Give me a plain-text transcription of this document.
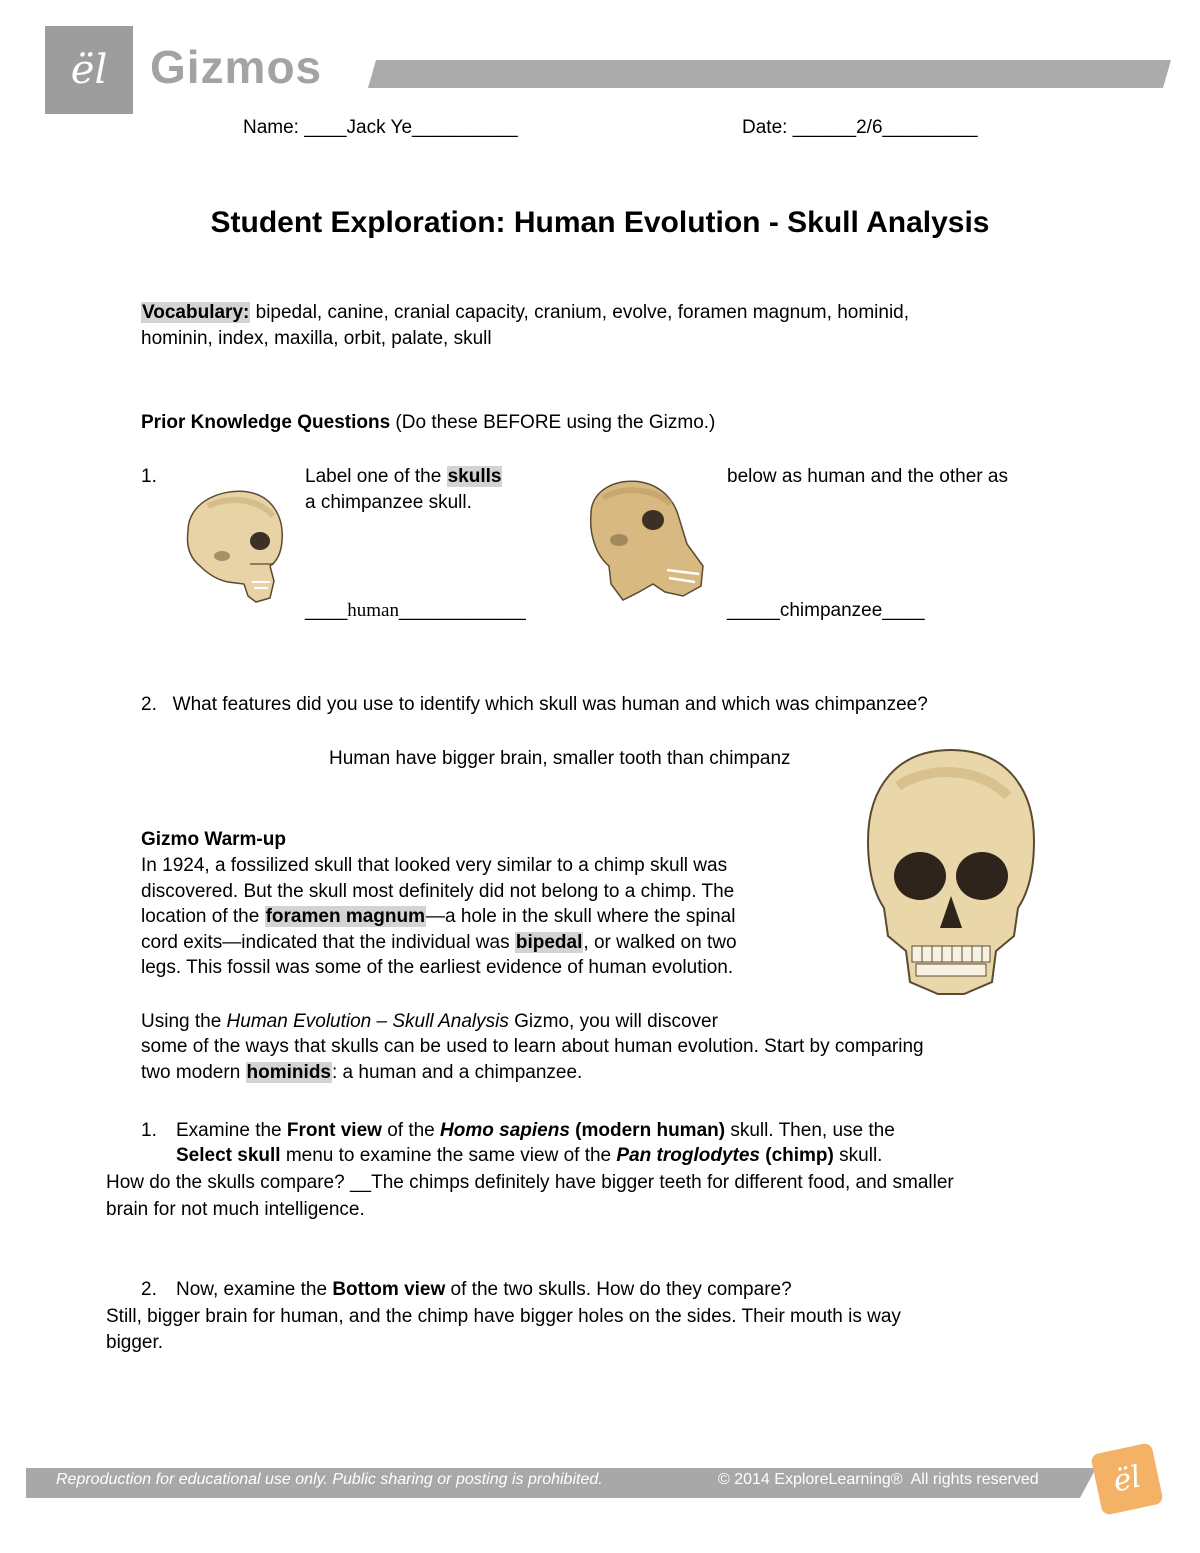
ël Gizmos
Name: ____Jack Ye__________	Date: ______2/6_________
Student Exploration: Human Evolution - Skull Analysis
Vocabulary: bipedal, canine, cranial capacity, cranium, evolve, foramen magnum, hominid,
hominin, index, maxilla, orbit, palate, skull
Prior Knowledge Questions (Do these BEFORE using the Gizmo.)
1.	Label one of the skulls	below as human and the other as
a chimpanzee skull.
____human____________	_____chimpanzee____
2.   What features did you use to identify which skull was human and which was chimpanzee?
Human have bigger brain, smaller tooth than chimpanz
Gizmo Warm-up
In 1924, a fossilized skull that looked very similar to a chimp skull was
discovered. But the skull most definitely did not belong to a chimp. The
location of the foramen magnum—a hole in the skull where the spinal
cord exits—indicated that the individual was bipedal, or walked on two
legs. This fossil was some of the earliest evidence of human evolution.
Using the Human Evolution – Skull Analysis Gizmo, you will discover
some of the ways that skulls can be used to learn about human evolution. Start by comparing
two modern hominids: a human and a chimpanzee.
1. Examine the Front view of the Homo sapiens (modern human) skull. Then, use the
Select skull menu to examine the same view of the Pan troglodytes (chimp) skull.
How do the skulls compare? __The chimps definitely have bigger teeth for different food, and smaller
brain for not much intelligence.
2. Now, examine the Bottom view of the two skulls. How do they compare?
Still, bigger brain for human, and the chimp have bigger holes on the sides. Their mouth is way
bigger.
Reproduction for educational use only. Public sharing or posting is prohibited.	© 2014 ExploreLearning®  All rights reserved ël
